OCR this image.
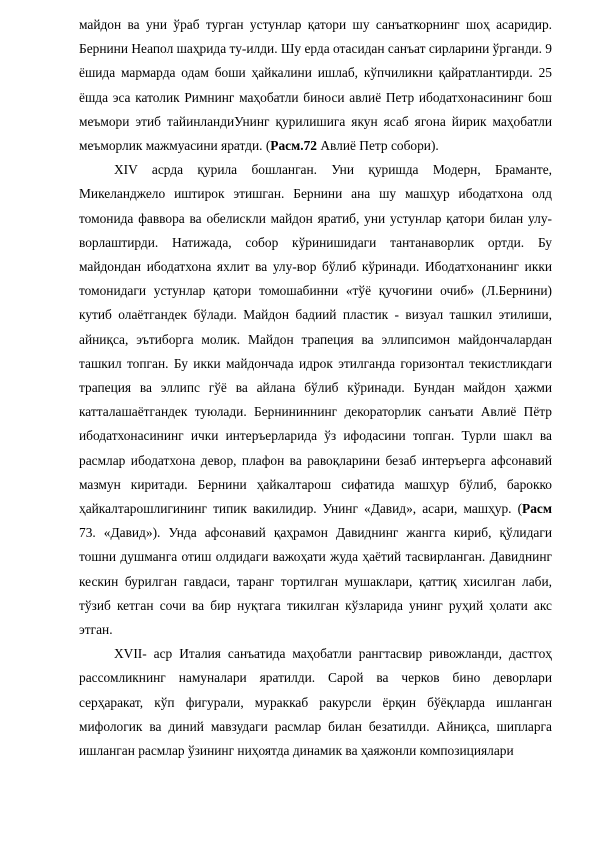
майдон ва уни ўраб турган устунлар қатори шу санъаткорнинг шоҳ асаридир. Бернини Неапол шаҳрида ту-илди. Шу ерда отасидан санъат сирларини ўрганди. 9 ёшида мармарда одам боши ҳайкалини ишлаб, кўпчиликни қайратлантирди. 25 ёшда эса католик Римнинг маҳобатли биноси авлиё Петр ибодатхонасининг бош меъмори этиб тайинландиУнинг қурилишига якун ясаб ягона йирик маҳобатли меъморлик мажмуасини яратди. (Расм.72 Авлиё Петр собори).

XIV асрда қурила бошланган. Уни қуришда Модерн, Браманте, Микеланджело иштирок этишган. Бернини ана шу машҳур ибодатхона олд томонида фаввора ва обелискли майдон яратиб, уни устунлар қатори билан улу-ворлаштирди. Натижада, собор кўринишидаги тантанаворлик ортди. Бу майдондан ибодатхона яхлит ва улу-вор бўлиб кўринади. Ибодатхонанинг икки томонидаги устунлар қатори томошабинни «тўё қучоғини очиб» (Л.Бернини) кутиб олаётгандек бўлади. Майдон бадиий пластик - визуал ташкил этилиши, айниқса, эътиборга молик. Майдон трапеция ва эллипсимон майдончалардан ташкил топган. Бу икки майдончада идрок этилганда горизонтал текистликдаги трапеция ва эллипс гўё ва айлана бўлиб кўринади. Бундан майдон ҳажми катталашаётгандек туюлади. Бернининнинг декораторлик санъати Авлиё Пётр ибодатхонасининг ички интеръерларида ўз ифодасини топган. Турли шакл ва расмлар ибодатхона девор, плафон ва равоқларини безаб интеръерга афсонавий мазмун киритади. Бернини ҳайкалтарош сифатида машҳур бўлиб, барокко ҳайкалтарошлигининг типик вакилидир. Унинг «Давид», асари, машҳур. (Расм 73. «Давид»). Унда афсонавий қаҳрамон Давиднинг жангга кириб, қўлидаги тошни душманга отиш олдидаги важоҳати жуда ҳаётий тасвирланган. Давиднинг кескин бурилган гавдаси, таранг тортилган мушаклари, қаттиқ хисилган лаби, тўзиб кетган сочи ва бир нуқтага тикилган кўзларида унинг руҳий ҳолати акс этган.

XVII- аср Италия санъатида маҳобатли рангтасвир ривожланди, дастгоҳ рассомликнинг намуналари яратилди. Сарой ва черков бино деворлари серҳаракат, кўп фигурали, мураккаб ракурсли ёрқин бўёқларда ишланган мифологик ва диний мавзудаги расмлар билан безатилди. Айниқса, шипларга ишланган расмлар ўзининг ниҳоятда динамик ва ҳаяжонли композициялари
